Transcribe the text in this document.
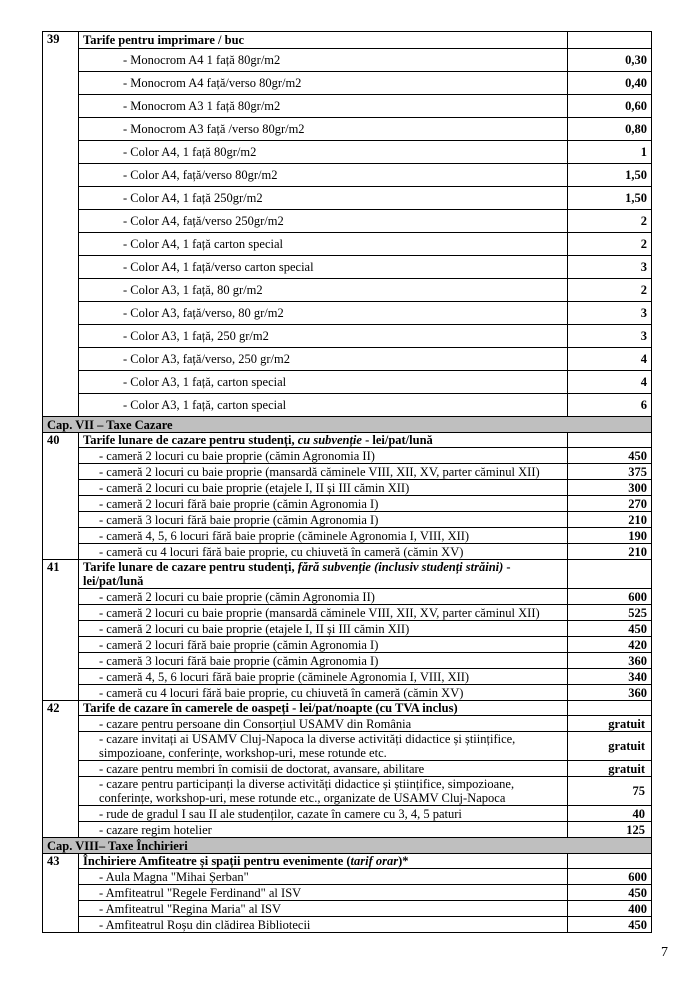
39	Tarife pentru imprimare / buc	
	- Monocrom A4 1 față 80gr/m2	0,30
	- Monocrom A4 față/verso 80gr/m2	0,40
	- Monocrom A3 1 față 80gr/m2	0,60
	- Monocrom A3 față /verso 80gr/m2	0,80
	- Color A4, 1 față 80gr/m2	1
	- Color A4, față/verso 80gr/m2	1,50
	- Color A4, 1 față 250gr/m2	1,50
	- Color A4, față/verso 250gr/m2	2
	- Color A4, 1 față carton special	2
	- Color A4, 1 față/verso carton special	3
	- Color A3, 1 față, 80 gr/m2	2
	- Color A3, față/verso, 80 gr/m2	3
	- Color A3, 1 față, 250 gr/m2	3
	- Color A3, față/verso, 250 gr/m2	4
	- Color A3, 1 față, carton special	4
	- Color A3, 1 față, carton special	6
Cap. VII – Taxe Cazare		
40	Tarife lunare de cazare pentru studenți, cu subvenție - lei/pat/lună	
	- cameră 2 locuri cu baie proprie (cămin Agronomia II)	450
	- cameră 2 locuri cu baie proprie (mansardă căminele VIII, XII, XV, parter căminul XII)	375
	- cameră 2 locuri cu baie proprie (etajele I, II și III cămin XII)	300
	- cameră 2 locuri fără baie proprie (cămin Agronomia I)	270
	- cameră 3 locuri fără baie proprie (cămin Agronomia I)	210
	- cameră 4, 5, 6 locuri fără baie proprie (căminele Agronomia I, VIII, XII)	190
	- cameră cu 4 locuri fără baie proprie, cu chiuvetă în cameră (cămin XV)	210
41	Tarife lunare de cazare pentru studenți, fără subvenție (inclusiv studenți străini) - lei/pat/lună	
	- cameră 2 locuri cu baie proprie (cămin Agronomia II)	600
	- cameră 2 locuri cu baie proprie (mansardă căminele VIII, XII, XV, parter căminul XII)	525
	- cameră 2 locuri cu baie proprie (etajele I, II și III cămin XII)	450
	- cameră 2 locuri fără baie proprie (cămin Agronomia I)	420
	- cameră 3 locuri fără baie proprie (cămin Agronomia I)	360
	- cameră 4, 5, 6 locuri fără baie proprie (căminele Agronomia I, VIII, XII)	340
	- cameră cu 4 locuri fără baie proprie, cu chiuvetă în cameră (cămin XV)	360
42	Tarife de cazare în camerele de oaspeți - lei/pat/noapte (cu TVA inclus)	
	- cazare pentru persoane din Consorțiul USAMV din România	gratuit
	- cazare invitați ai USAMV Cluj-Napoca la diverse activități didactice și științifice, simpozioane, conferințe, workshop-uri, mese rotunde etc.	gratuit
	- cazare pentru membri în comisii de doctorat, avansare, abilitare	gratuit
	- cazare pentru participanți la diverse activități didactice și științifice, simpozioane, conferințe, workshop-uri, mese rotunde etc., organizate de USAMV Cluj-Napoca	75
	- rude de gradul I sau II ale studenților, cazate în camere cu 3, 4, 5 paturi	40
	- cazare regim hotelier	125
Cap. VIII– Taxe Închirieri		
43	Închiriere Amfiteatre și spații pentru evenimente (tarif orar)*	
	- Aula Magna "Mihai Șerban"	600
	- Amfiteatrul "Regele Ferdinand" al ISV	450
	- Amfiteatrul "Regina Maria" al ISV	400
	- Amfiteatrul Roșu din clădirea Bibliotecii	450
7
